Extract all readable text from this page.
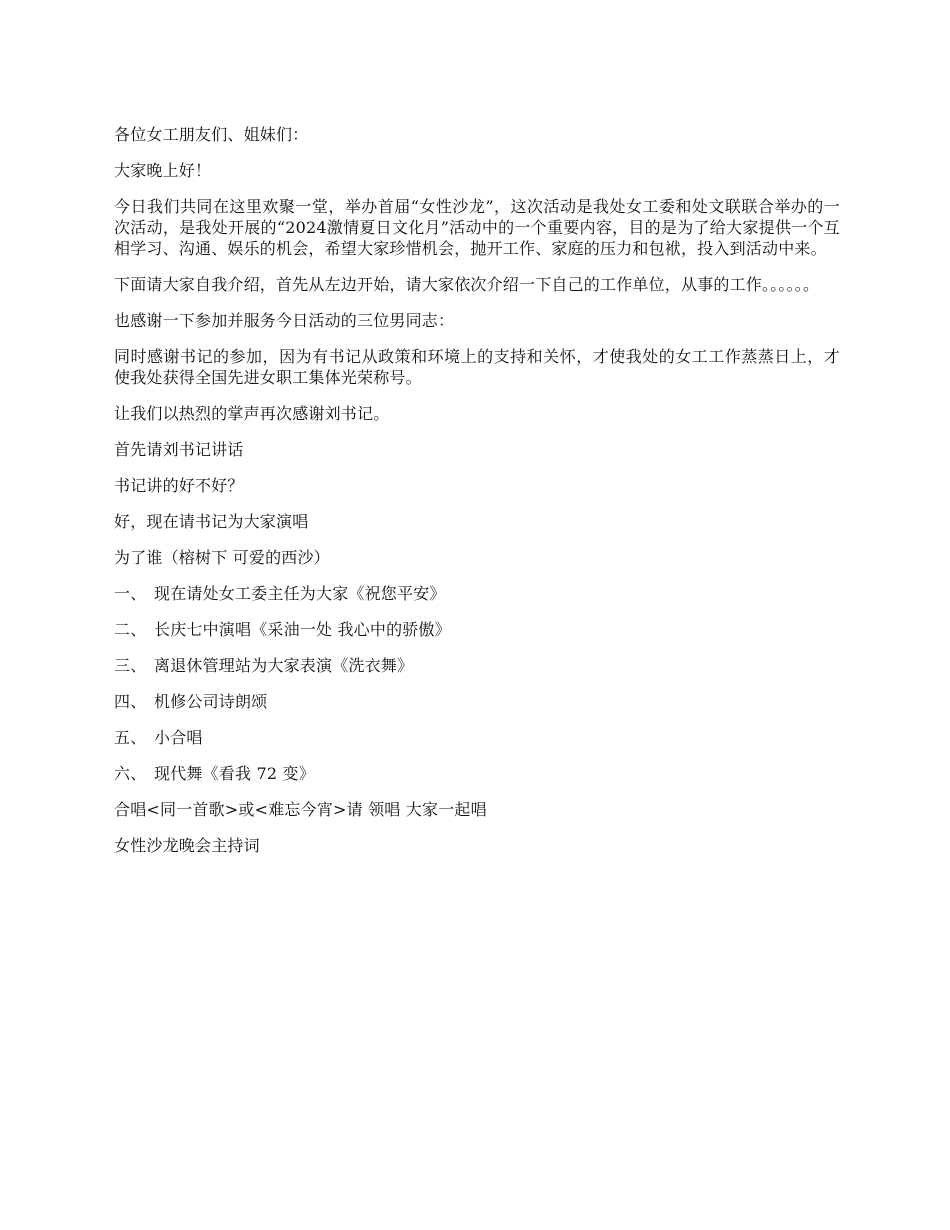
各位女工朋友们、姐妹们：

大家晚上好！

今日我们共同在这里欢聚一堂，举办首届“女性沙龙”，这次活动是我处女工委和处文联联合举办的一次活动，是我处开展的“2024激情夏日文化月”活动中的一个重要内容，目的是为了给大家提供一个互相学习、沟通、娱乐的机会，希望大家珍惜机会，抛开工作、家庭的压力和包袱，投入到活动中来。

下面请大家自我介绍，首先从左边开始，请大家依次介绍一下自己的工作单位，从事的工作。。。。。。

也感谢一下参加并服务今日活动的三位男同志：

同时感谢书记的参加，因为有书记从政策和环境上的支持和关怀，才使我处的女工工作蒸蒸日上，才使我处获得全国先进女职工集体光荣称号。

让我们以热烈的掌声再次感谢刘书记。

首先请刘书记讲话

书记讲的好不好？

好，现在请书记为大家演唱

为了谁（榕树下 可爱的西沙）

一、 现在请处女工委主任为大家《祝您平安》

二、 长庆七中演唱《采油一处 我心中的骄傲》

三、 离退休管理站为大家表演《洗衣舞》

四、 机修公司诗朗颂

五、 小合唱

六、 现代舞《看我 72 变》

合唱<同一首歌>或<难忘今宵>请 领唱 大家一起唱

女性沙龙晚会主持词
